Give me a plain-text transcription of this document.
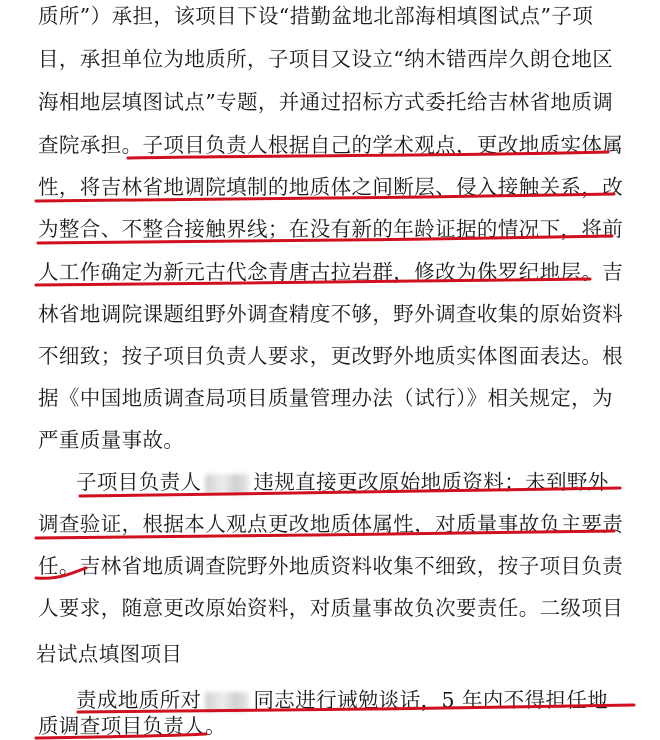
质所”）承担，该项目下设“措勤盆地北部海相填图试点”子项
目，承担单位为地质所，子项目又设立“纳木错西岸久朗仓地区
海相地层填图试点”专题，并通过招标方式委托给吉林省地质调
查院承担。子项目负责人根据自己的学术观点，更改地质实体属
性，将吉林省地调院填制的地质体之间断层、侵入接触关系，改
为整合、不整合接触界线；在没有新的年龄证据的情况下，将前
人工作确定为新元古代念青唐古拉岩群，修改为侏罗纪地层。吉
林省地调院课题组野外调查精度不够，野外调查收集的原始资料
不细致；按子项目负责人要求，更改野外地质实体图面表达。根
据《中国地质调查局项目质量管理办法（试行）》相关规定，为
严重质量事故。
子项目负责人	违规直接更改原始地质资料；未到野外
调查验证，根据本人观点更改地质体属性，对质量事故负主要责
任。吉林省地质调查院野外地质资料收集不细致，按子项目负责
人要求，随意更改原始资料，对质量事故负次要责任。二级项目
岩试点填图项目
责成地质所对	同志进行诫勉谈话，5 年内不得担任地
质调查项目负责人。
